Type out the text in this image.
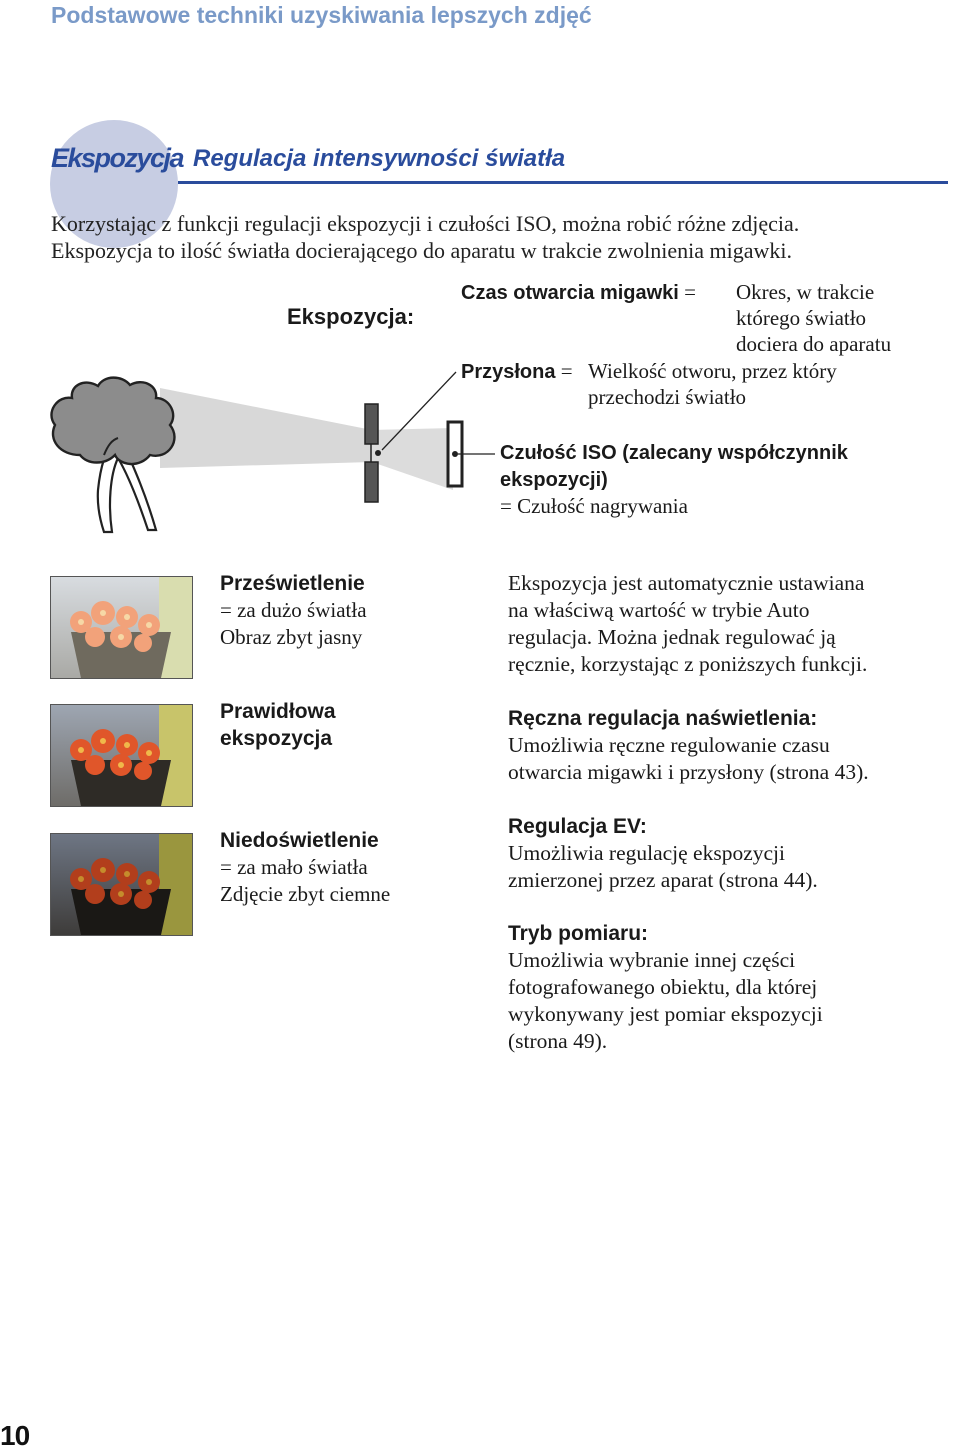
Podstawowe techniki uzyskiwania lepszych zdjęć
Ekspozycja Regulacja intensywności światła
Korzystając z funkcji regulacji ekspozycji i czułości ISO, można robić różne zdjęcia.
Ekspozycja to ilość światła docierającego do aparatu w trakcie zwolnienia migawki.
Ekspozycja:
Czas otwarcia migawki = Okres, w trakcie
którego światło
dociera do aparatu
Przysłona = Wielkość otworu, przez który
przechodzi światło
Czułość ISO (zalecany współczynnik
ekspozycji)
= Czułość nagrywania
Prześwietlenie
= za dużo światła
Obraz zbyt jasny
Prawidłowa
ekspozycja
Niedoświetlenie
= za mało światła
Zdjęcie zbyt ciemne
Ekspozycja jest automatycznie ustawiana
na właściwą wartość w trybie Auto
regulacja. Można jednak regulować ją
ręcznie, korzystając z poniższych funkcji.
Ręczna regulacja naświetlenia:
Umożliwia ręczne regulowanie czasu
otwarcia migawki i przysłony (strona 43).
Regulacja EV:
Umożliwia regulację ekspozycji
zmierzonej przez aparat (strona 44).
Tryb pomiaru:
Umożliwia wybranie innej części
fotografowanego obiektu, dla której
wykonywany jest pomiar ekspozycji
(strona 49).
10
